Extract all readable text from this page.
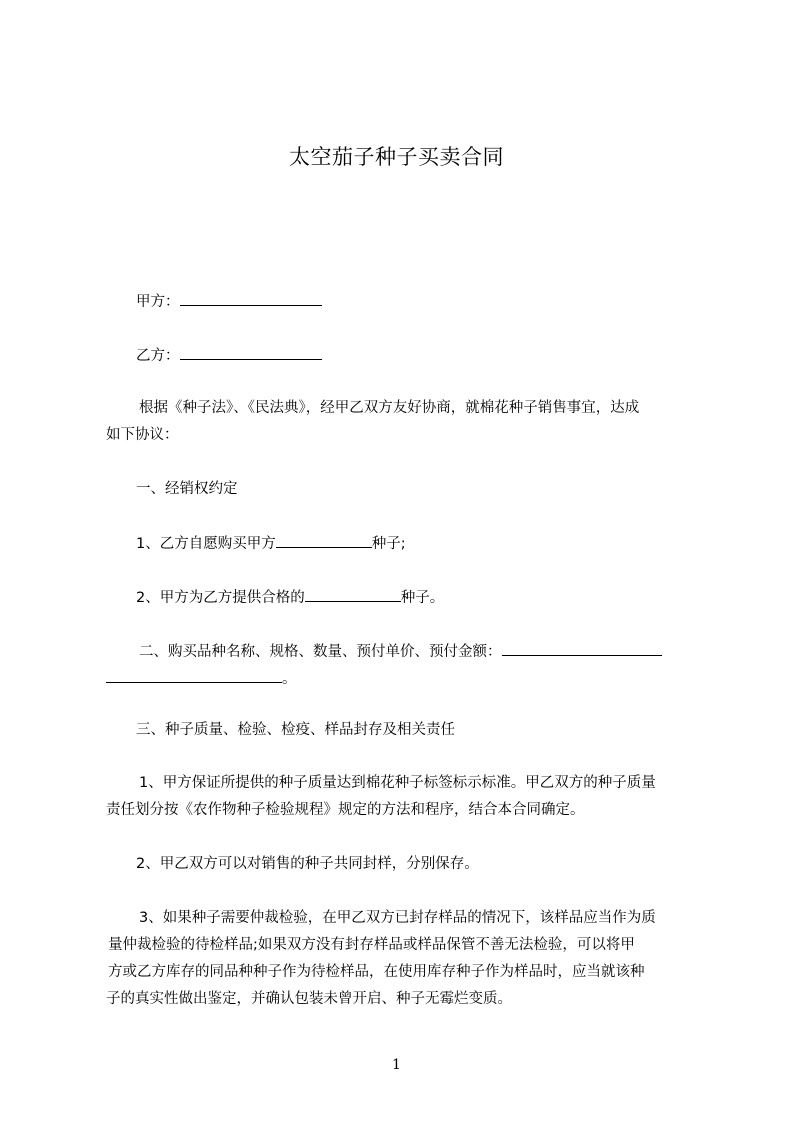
太空茄子种子买卖合同
甲方：
乙方：
根据《种子法》、《民法典》，经甲乙双方友好协商，就棉花种子销售事宜，达成
如下协议：
一、经销权约定
1、乙方自愿购买甲方	种子;
2、甲方为乙方提供合格的	种子。
二、购买品种名称、规格、数量、预付单价、预付金额：
。
三、种子质量、检验、检疫、样品封存及相关责任
1、甲方保证所提供的种子质量达到棉花种子标签标示标准。甲乙双方的种子质量
责任划分按《农作物种子检验规程》规定的方法和程序，结合本合同确定。
2、甲乙双方可以对销售的种子共同封样，分别保存。
3、如果种子需要仲裁检验，在甲乙双方已封存样品的情况下，该样品应当作为质
量仲裁检验的待检样品;如果双方没有封存样品或样品保管不善无法检验，可以将甲
方或乙方库存的同品种种子作为待检样品，在使用库存种子作为样品时，应当就该种
子的真实性做出鉴定，并确认包装未曾开启、种子无霉烂变质。
1
